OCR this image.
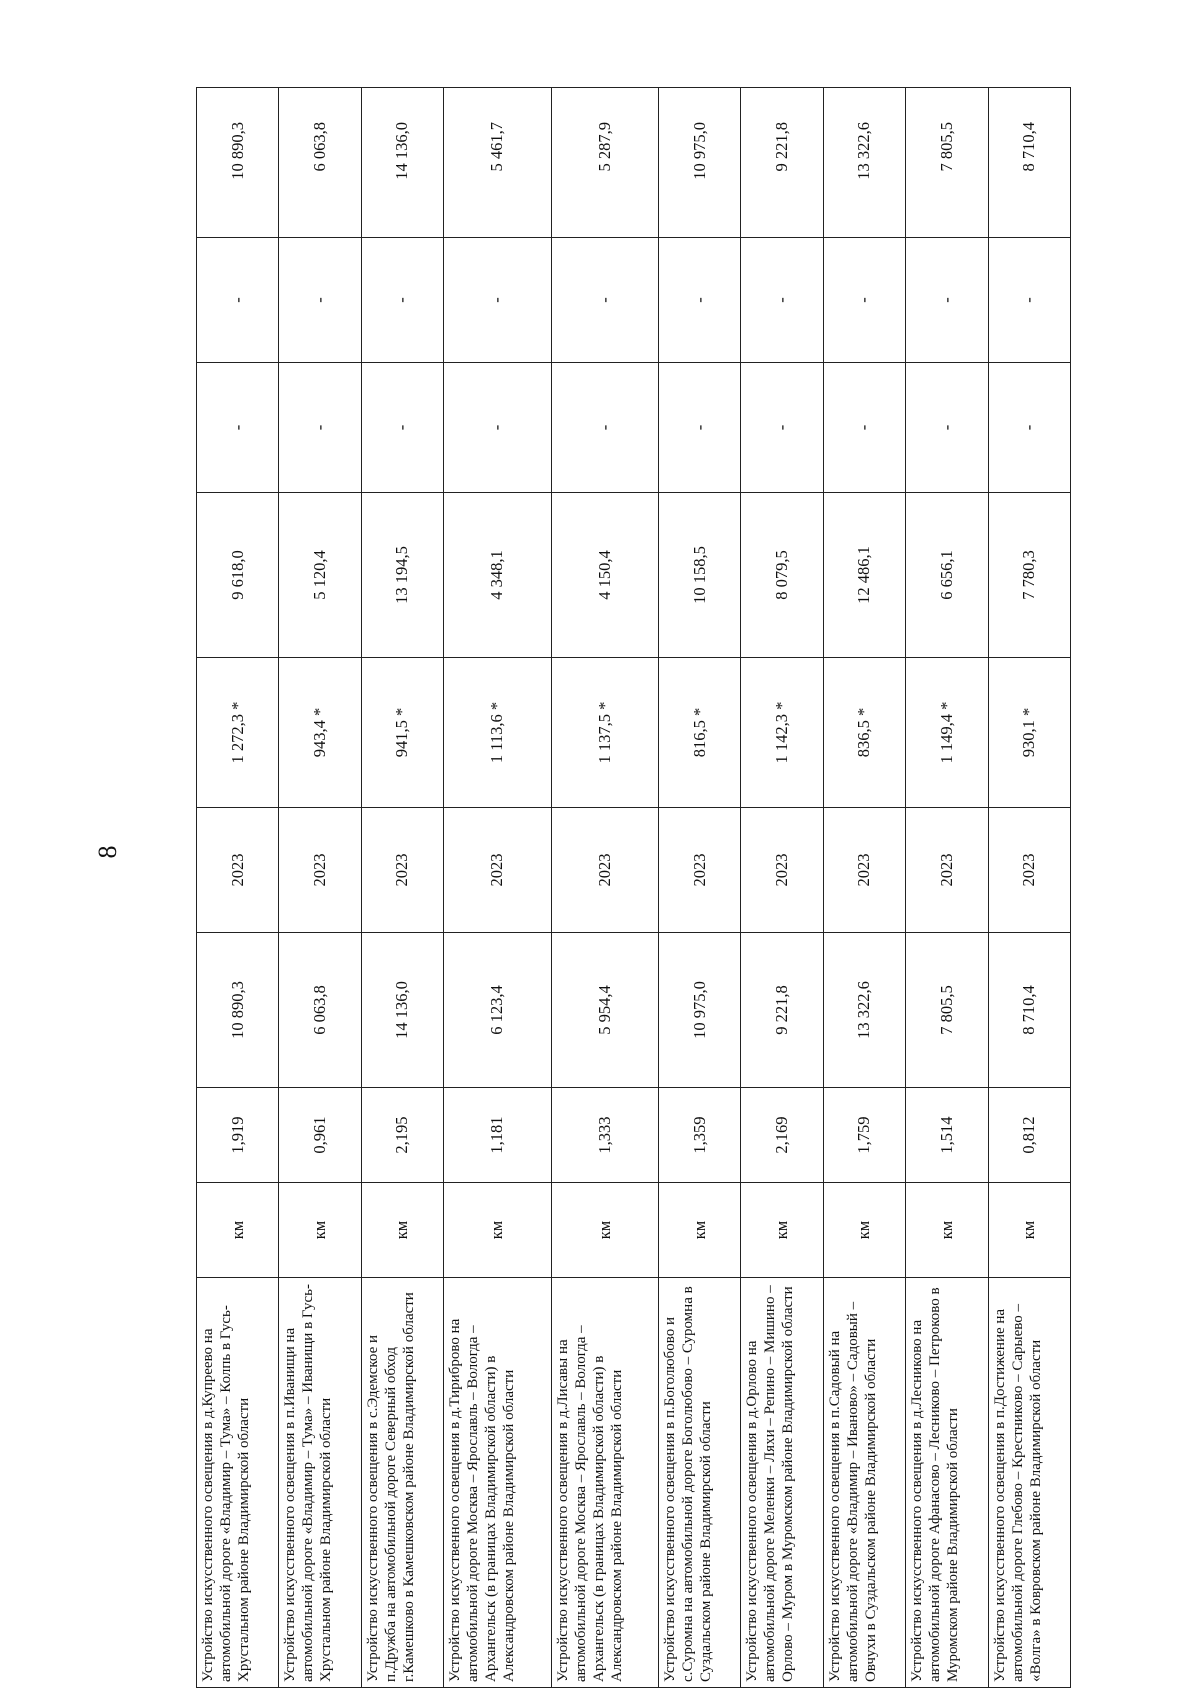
8
Устройство искусственного освещения в д.Купреево на автомобильной дороге «Владимир – Тума» – Колпь в Гусь-Хрустальном районе Владимирской области	км	1,919	10 890,3	2023	1 272,3 *	9 618,0	-	-	10 890,3
Устройство искусственного освещения в п.Иванищи на автомобильной дороге «Владимир – Тума» – Иванищи в Гусь-Хрустальном районе Владимирской области	км	0,961	6 063,8	2023	943,4 *	5 120,4	-	-	6 063,8
Устройство искусственного освещения в с.Эдемское и п.Дружба на автомобильной дороге Северный обход г.Камешково в Камешковском районе Владимирской области	км	2,195	14 136,0	2023	941,5 *	13 194,5	-	-	14 136,0
Устройство искусственного освещения в д.Тириброво на автомобильной дороге Москва – Ярославль – Вологда – Архангельск (в границах Владимирской области) в Александровском районе Владимирской области	км	1,181	6 123,4	2023	1 113,6 *	4 348,1	-	-	5 461,7
Устройство искусственного освещения в д.Лисавы на автомобильной дороге Москва – Ярославль – Вологда – Архангельск (в границах Владимирской области) в Александровском районе Владимирской области	км	1,333	5 954,4	2023	1 137,5 *	4 150,4	-	-	5 287,9
Устройство искусственного освещения в п.Боголюбово и с.Суромна на автомобильной дороге Боголюбово – Суромна в Суздальском районе Владимирской области	км	1,359	10 975,0	2023	816,5 *	10 158,5	-	-	10 975,0
Устройство искусственного освещения в д.Орлово на автомобильной дороге Меленки – Ляхи – Репино – Мишино – Орлово – Муром в Муромском районе Владимирской области	км	2,169	9 221,8	2023	1 142,3 *	8 079,5	-	-	9 221,8
Устройство искусственного освещения в п.Садовый на автомобильной дороге «Владимир – Иваново» – Садовый – Овчухи в Суздальском районе Владимирской области	км	1,759	13 322,6	2023	836,5 *	12 486,1	-	-	13 322,6
Устройство искусственного освещения в д.Лесниково на автомобильной дороге Афанасово – Лесниково – Петроково в Муромском районе Владимирской области	км	1,514	7 805,5	2023	1 149,4 *	6 656,1	-	-	7 805,5
Устройство искусственного освещения в п.Достижение на автомобильной дороге Глебово – Крестниково – Сарыево – «Волга» в Ковровском районе Владимирской области	км	0,812	8 710,4	2023	930,1 *	7 780,3	-	-	8 710,4
